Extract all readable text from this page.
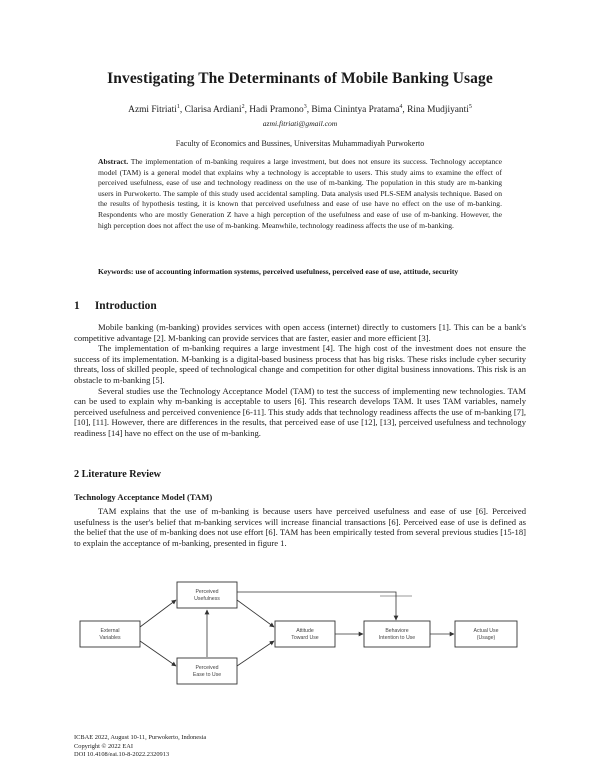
Investigating The Determinants of Mobile Banking Usage
Azmi Fitriati$^1$, Clarisa Ardiani$^2$, Hadi Pramono$^3$, Bima Cinintya Pratama$^4$, Rina Mudjiyanti$^5$
azmi.fitriati@gmail.com
Faculty of Economics and Bussines, Universitas Muhammadiyah Purwokerto
Abstract. The implementation of m-banking requires a large investment, but does not ensure its success. Technology acceptance model (TAM) is a general model that explains why a technology is acceptable to users. This study aims to examine the effect of perceived usefulness, ease of use and technology readiness on the use of m-banking. The population in this study are m-banking users in Purwokerto. The sample of this study used accidental sampling. Data analysis used PLS-SEM analysis technique. Based on the results of hypothesis testing, it is known that perceived usefulness and ease of use have no effect on the use of m-banking. Respondents who are mostly Generation Z have a high perception of the usefulness and ease of use of m-banking. However, the high perception does not affect the use of m-banking. Meanwhile, technology readiness affects the use of m-banking.
Keywords: use of accounting information systems, perceived usefulness, perceived ease of use, attitude, security
1 Introduction

Mobile banking (m-banking) provides services with open access (internet) directly to customers [1]. This can be a bank's competitive advantage [2]. M-banking can provide services that are faster, easier and more efficient [3].

The implementation of m-banking requires a large investment [4]. The high cost of the investment does not ensure the success of its implementation. M-banking is a digital-based business process that has big risks. These risks include cyber security threats, loss of skilled people, speed of technological change and competition for other digital business innovations. This risk is an obstacle to m-banking [5].

Several studies use the Technology Acceptance Model (TAM) to test the success of implementing new technologies. TAM can be used to explain why m-banking is acceptable to users [6]. This research develops TAM. It uses TAM variables, namely perceived usefulness and perceived convenience [6-11]. This study adds that technology readiness affects the use of m-banking [7], [10], [11]. However, there are differences in the results, that perceived ease of use [12], [13], perceived usefulness and technology readiness [14] have no effect on the use of m-banking.

2 Literature Review
Technology Acceptance Model (TAM)

TAM explains that the use of m-banking is because users have perceived usefulness and ease of use [6]. Perceived usefulness is the user's belief that m-banking services will increase financial transactions [6]. Perceived ease of use is defined as the belief that the use of m-banking does not use effort [6]. TAM has been empirically tested from several previous studies [15-18] to explain the acceptance of m-banking, presented in figure 1.

Perceived
Usefulness
External
Variables
Perceived
Ease to Use
Attitude
Toward Use
Behaviore
Intention to Use
Actual Use
(Usage)
ICBAE 2022, August 10-11, Purwokerto, Indonesia
Copyright © 2022 EAI
DOI 10.4108/eai.10-8-2022.2320913
